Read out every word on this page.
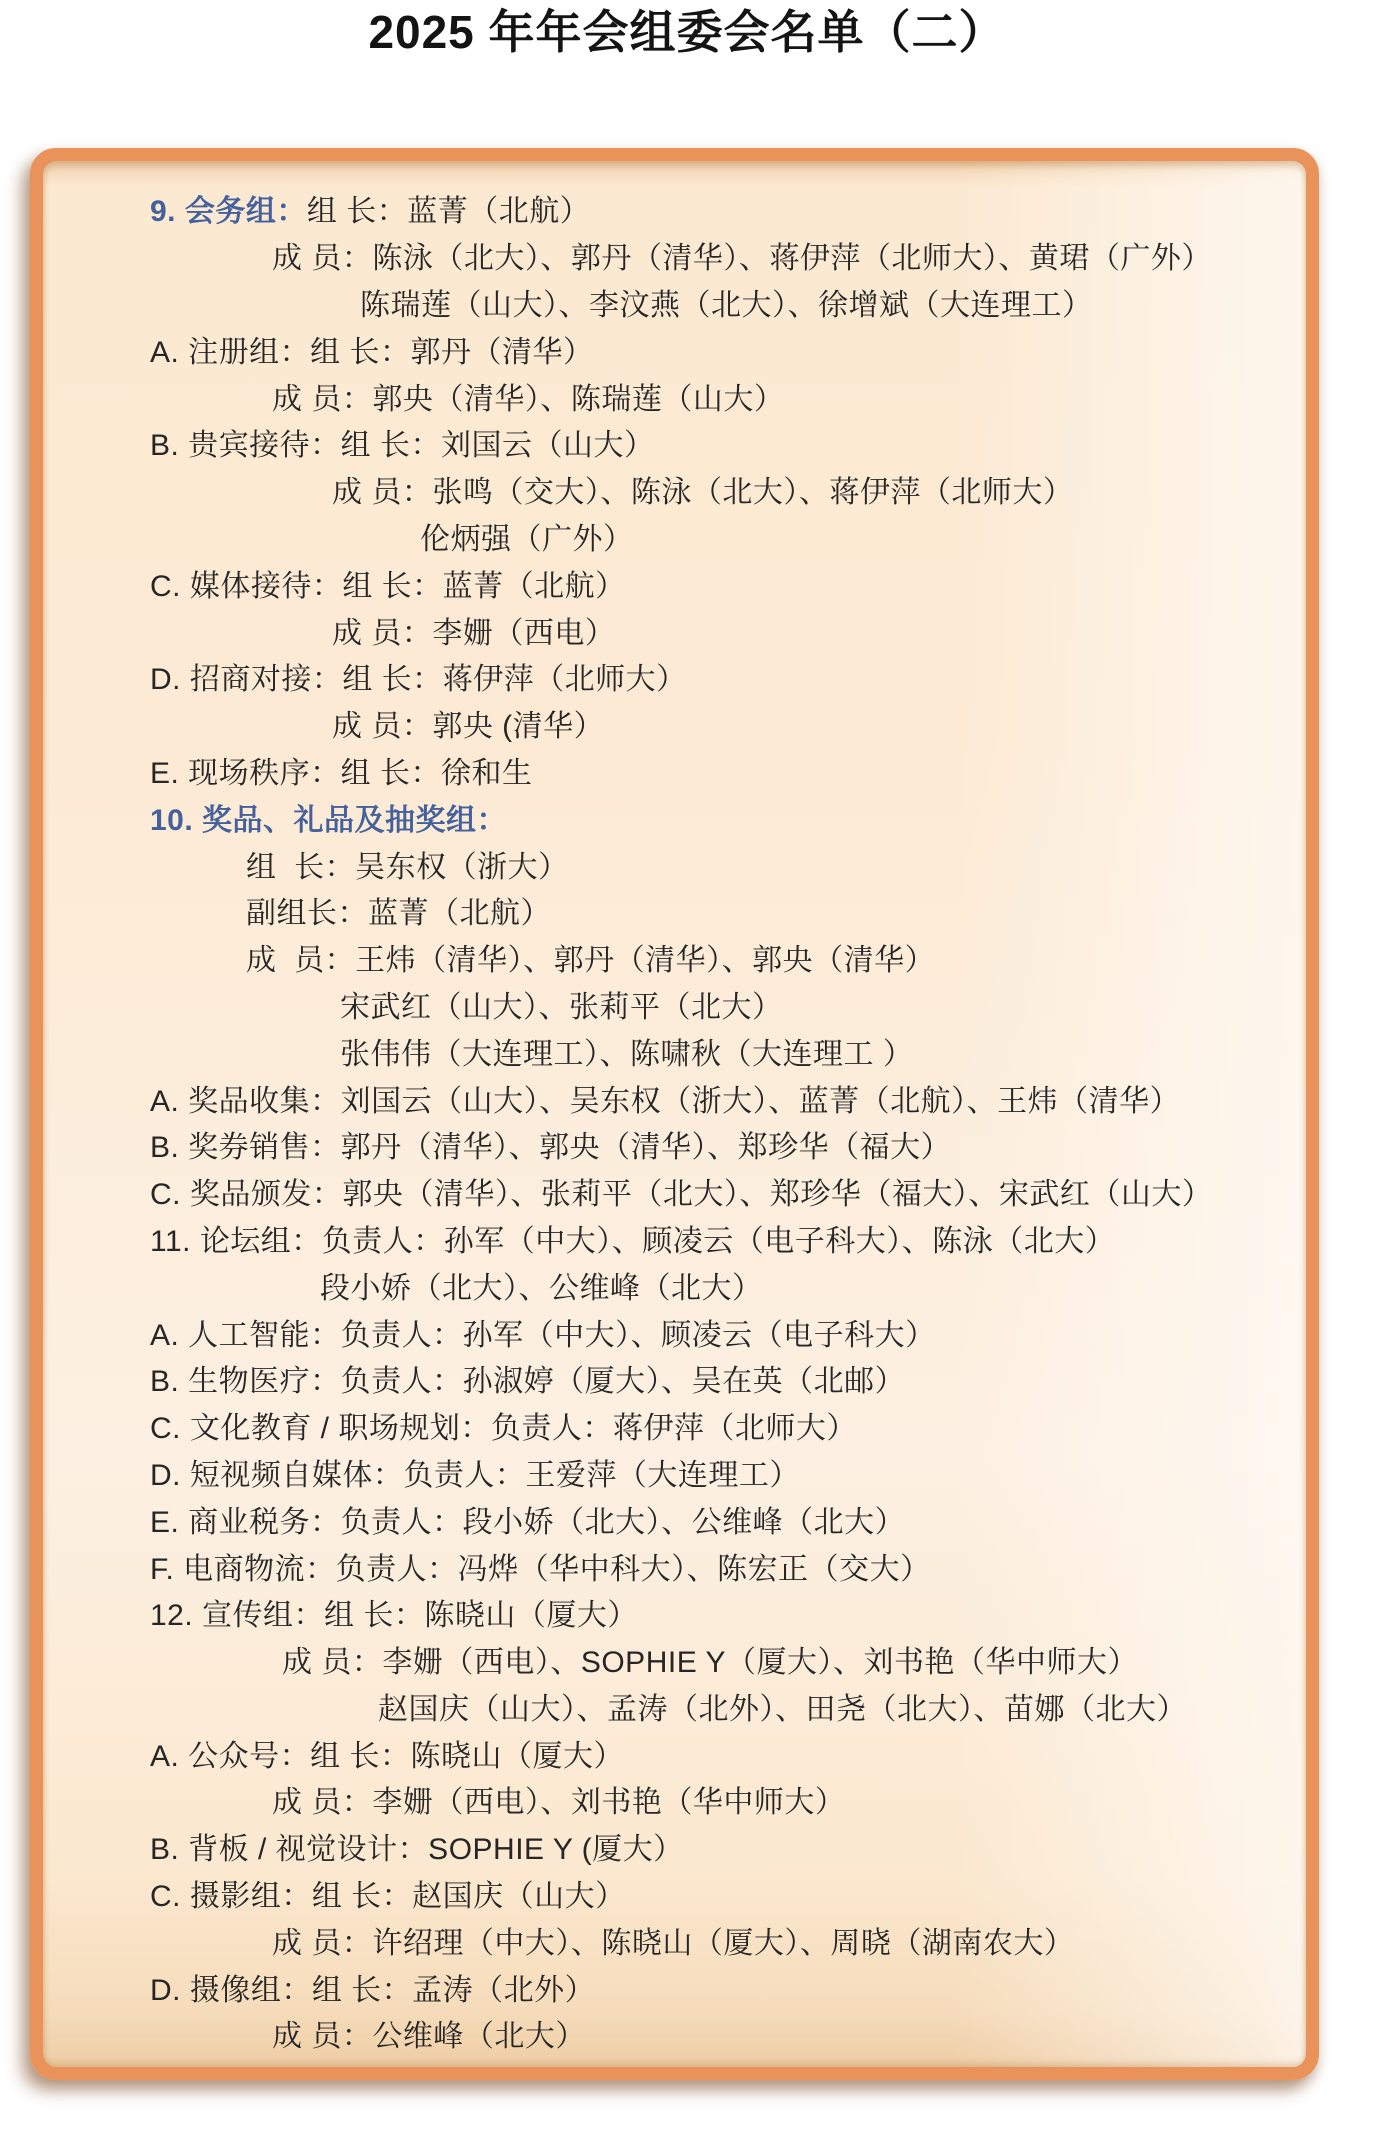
2025 年年会组委会名单（二）
9. 会务组： 组 长：蓝菁（北航）
成 员：陈泳（北大）、郭丹（清华）、蒋伊萍（北师大）、黄珺（广外）
陈瑞莲（山大）、李汶燕（北大）、徐增斌（大连理工）
A. 注册组：组 长：郭丹（清华）
成 员：郭央（清华）、陈瑞莲（山大）
B. 贵宾接待：组 长：刘国云（山大）
成 员：张鸣（交大）、陈泳（北大）、蒋伊萍（北师大）
伦炳强（广外）
C. 媒体接待：组 长：蓝菁（北航）
成 员：李姗（西电）
D. 招商对接：组 长：蒋伊萍（北师大）
成 员：郭央 (清华）
E. 现场秩序：组 长：徐和生
10. 奖品、礼品及抽奖组：
组  长：吴东权（浙大）
副组长：蓝菁（北航）
成  员：王炜（清华）、郭丹（清华）、郭央（清华）
宋武红（山大）、张莉平（北大）
张伟伟（大连理工）、陈啸秋（大连理工 ）
A. 奖品收集：刘国云（山大）、吴东权（浙大）、蓝菁（北航）、王炜（清华）
B. 奖券销售：郭丹（清华）、郭央（清华）、郑珍华（福大）
C. 奖品颁发：郭央（清华）、张莉平（北大）、郑珍华（福大）、宋武红（山大）
11. 论坛组：负责人：孙军（中大）、顾凌云（电子科大）、陈泳（北大）
段小娇（北大）、公维峰（北大）
A. 人工智能：负责人：孙军（中大）、顾凌云（电子科大）
B. 生物医疗：负责人：孙淑婷（厦大）、吴在英（北邮）
C. 文化教育 / 职场规划：负责人：蒋伊萍（北师大）
D. 短视频自媒体：负责人：王爱萍（大连理工）
E. 商业税务：负责人：段小娇（北大）、公维峰（北大）
F. 电商物流：负责人：冯烨（华中科大）、陈宏正（交大）
12. 宣传组：组 长：陈晓山（厦大）
成 员：李姗（西电）、SOPHIE Y（厦大）、刘书艳（华中师大）
赵国庆（山大）、孟涛（北外）、田尧（北大）、苗娜（北大）
A. 公众号：组 长：陈晓山（厦大）
成 员：李姗（西电）、刘书艳（华中师大）
B. 背板 / 视觉设计：SOPHIE Y (厦大）
C. 摄影组：组 长：赵国庆（山大）
成 员：许绍理（中大）、陈晓山（厦大）、周晓（湖南农大）
D. 摄像组：组 长：孟涛（北外）
成 员：公维峰（北大）
